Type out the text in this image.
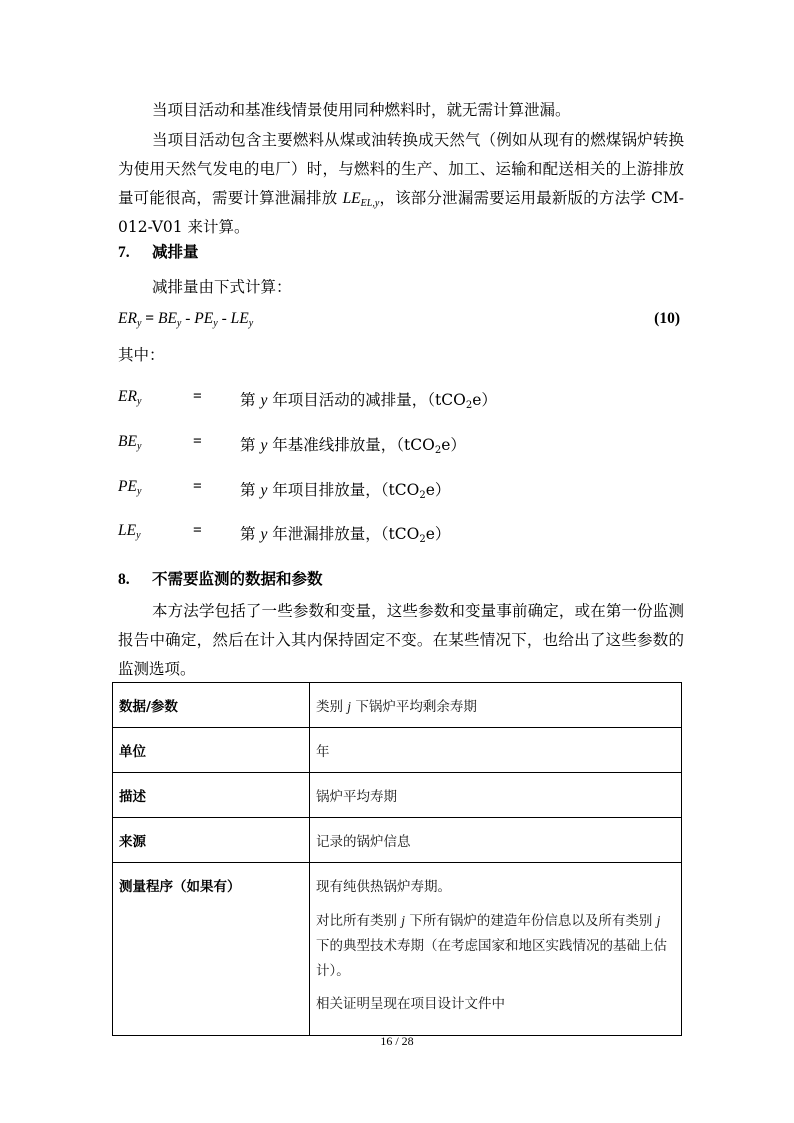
当项目活动和基准线情景使用同种燃料时，就无需计算泄漏。

当项目活动包含主要燃料从煤或油转换成天然气（例如从现有的燃煤锅炉转换为使用天然气发电的电厂）时，与燃料的生产、加工、运输和配送相关的上游排放量可能很高，需要计算泄漏排放 $LE_{EL,y}$，该部分泄漏需要运用最新版的方法学 CM-012-V01 来计算。

7. 减排量

减排量由下式计算：

$ER_y = BE_y - PE_y - LE_y$	(10)

其中：

$ER_y$	= 第 y 年项目活动的减排量，（tCO$_2$e）
$BE_y$	= 第 y 年基准线排放量，（tCO$_2$e）
$PE_y$	= 第 y 年项目排放量，（tCO$_2$e）
$LE_y$	= 第 y 年泄漏排放量，（tCO$_2$e）

8. 不需要监测的数据和参数

本方法学包括了一些参数和变量，这些参数和变量事前确定，或在第一份监测报告中确定，然后在计入其内保持固定不变。在某些情况下，也给出了这些参数的监测选项。

数据/参数	类别 j 下锅炉平均剩余寿期
单位	年
描述	锅炉平均寿期
来源	记录的锅炉信息
测量程序（如果有）	现有纯供热锅炉寿期。

对比所有类别 j 下所有锅炉的建造年份信息以及所有类别 j 下的典型技术寿期（在考虑国家和地区实践情况的基础上估计）。

相关证明呈现在项目设计文件中

16 / 28
